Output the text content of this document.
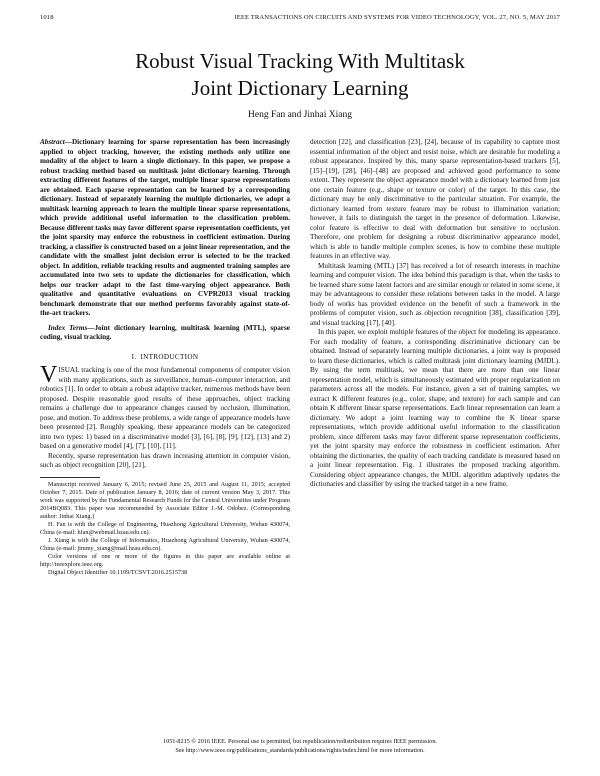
1018	IEEE TRANSACTIONS ON CIRCUITS AND SYSTEMS FOR VIDEO TECHNOLOGY, VOL. 27, NO. 5, MAY 2017
Robust Visual Tracking With Multitask
Joint Dictionary Learning
Heng Fan and Jinhai Xiang

Abstract—Dictionary learning for sparse representation has been increasingly applied to object tracking, however, the existing methods only utilize one modality of the object to learn a single dictionary. In this paper, we propose a robust tracking method based on multitask joint dictionary learning. Through extracting different features of the target, multiple linear sparse representations are obtained. Each sparse representation can be learned by a corresponding dictionary. Instead of separately learning the multiple dictionaries, we adopt a multitask learning approach to learn the multiple linear sparse representations, which provide additional useful information to the classification problem. Because different tasks may favor different sparse representation coefficients, yet the joint sparsity may enforce the robustness in coefficient estimation. During tracking, a classifier is constructed based on a joint linear representation, and the candidate with the smallest joint decision error is selected to be the tracked object. In addition, reliable tracking results and augmented training samples are accumulated into two sets to update the dictionaries for classification, which helps our tracker adapt to the fast time-varying object appearance. Both qualitative and quantitative evaluations on CVPR2013 visual tracking benchmark demonstrate that our method performs favorably against state-of-the-art trackers.

Index Terms—Joint dictionary learning, multitask learning (MTL), sparse coding, visual tracking.

I. INTRODUCTION

VISUAL tracking is one of the most fundamental components of computer vision with many applications, such as surveillance, human–computer interaction, and robotics [1]. In order to obtain a robust adaptive tracker, numerous methods have been proposed. Despite reasonable good results of these approaches, object tracking remains a challenge due to appearance changes caused by occlusion, illumination, pose, and motion. To address these problems, a wide range of appearance models have been presented [2]. Roughly speaking, these appearance models can be categorized into two types: 1) based on a discriminative model [3], [6], [8], [9], [12], [13] and 2) based on a generative model [4], [7], [10], [11].

Recently, sparse representation has drawn increasing attention in computer vision, such as object recognition [20], [21],

Manuscript received January 6, 2015; revised June 25, 2015 and August 11, 2015; accepted October 7, 2015. Date of publication January 8, 2016; date of current version May 3, 2017. This work was supported by the Fundamental Research Funds for the Central Universities under Program 2014BQ083. This paper was recommended by Associate Editor J.-M. Odobez. (Corresponding author: Jinhai Xiang.)

H. Fan is with the College of Engineering, Huazhong Agricultural University, Wuhan 430074, China (e-mail: hfan@webmail.hzau.edu.cn).

J. Xiang is with the College of Informatics, Huazhong Agricultural University, Wuhan 430074, China (e-mail: jimmy_xiang@mail.hzau.edu.cn).

Color versions of one or more of the figures in this paper are available online at http://ieeexplore.ieee.org.

Digital Object Identifier 10.1109/TCSVT.2016.2515738

detection [22], and classification [23], [24], because of its capability to capture most essential information of the object and resist noise, which are desirable for modeling a robust appearance. Inspired by this, many sparse representation-based trackers [5], [15]–[19], [28], [46]–[48] are proposed and achieved good performance to some extent. They represent the object appearance model with a dictionary learned from just one certain feature (e.g., shape or texture or color) of the target. In this case, the dictionary may be only discriminative to the particular situation. For example, the dictionary learned from texture feature may be robust to illumination variation; however, it fails to distinguish the target in the presence of deformation. Likewise, color feature is effective to deal with deformation but sensitive to occlusion. Therefore, one problem for designing a robust discriminative appearance model, which is able to handle multiple complex scenes, is how to combine these multiple features in an effective way.

Multitask learning (MTL) [37] has received a lot of research interests in machine learning and computer vision. The idea behind this paradigm is that, when the tasks to be learned share some latent factors and are similar enough or related in some scene, it may be advantageous to consider these relations between tasks in the model. A large body of works has provided evidence on the benefit of such a framework in the problems of computer vision, such as objection recognition [38], classification [39], and visual tracking [17], [40].

In this paper, we exploit multiple features of the object for modeling its appearance. For each modality of feature, a corresponding discriminative dictionary can be obtained. Instead of separately learning multiple dictionaries, a joint way is proposed to learn these dictionaries, which is called multitask joint dictionary learning (MJDL). By using the term multitask, we mean that there are more than one linear representation model, which is simultaneously estimated with proper regularization on parameters across all the models. For instance, given a set of training samples, we extract K different features (e.g., color, shape, and texture) for each sample and can obtain K different linear sparse representations. Each linear representation can learn a dictionary. We adopt a joint learning way to combine the K linear sparse representations, which provide additional useful information to the classification problem, since different tasks may favor different sparse representation coefficients, yet the joint sparsity may enforce the robustness in coefficient estimation. After obtaining the dictionaries, the quality of each tracking candidate is measured based on a joint linear representation. Fig. 1 illustrates the proposed tracking algorithm. Considering object appearance changes, the MJDL algorithm adaptively updates the dictionaries and classifier by using the tracked target in a new frame.

1051-8215 © 2016 IEEE. Personal use is permitted, but republication/redistribution requires IEEE permission.
See http://www.ieee.org/publications_standards/publications/rights/index.html for more information.
